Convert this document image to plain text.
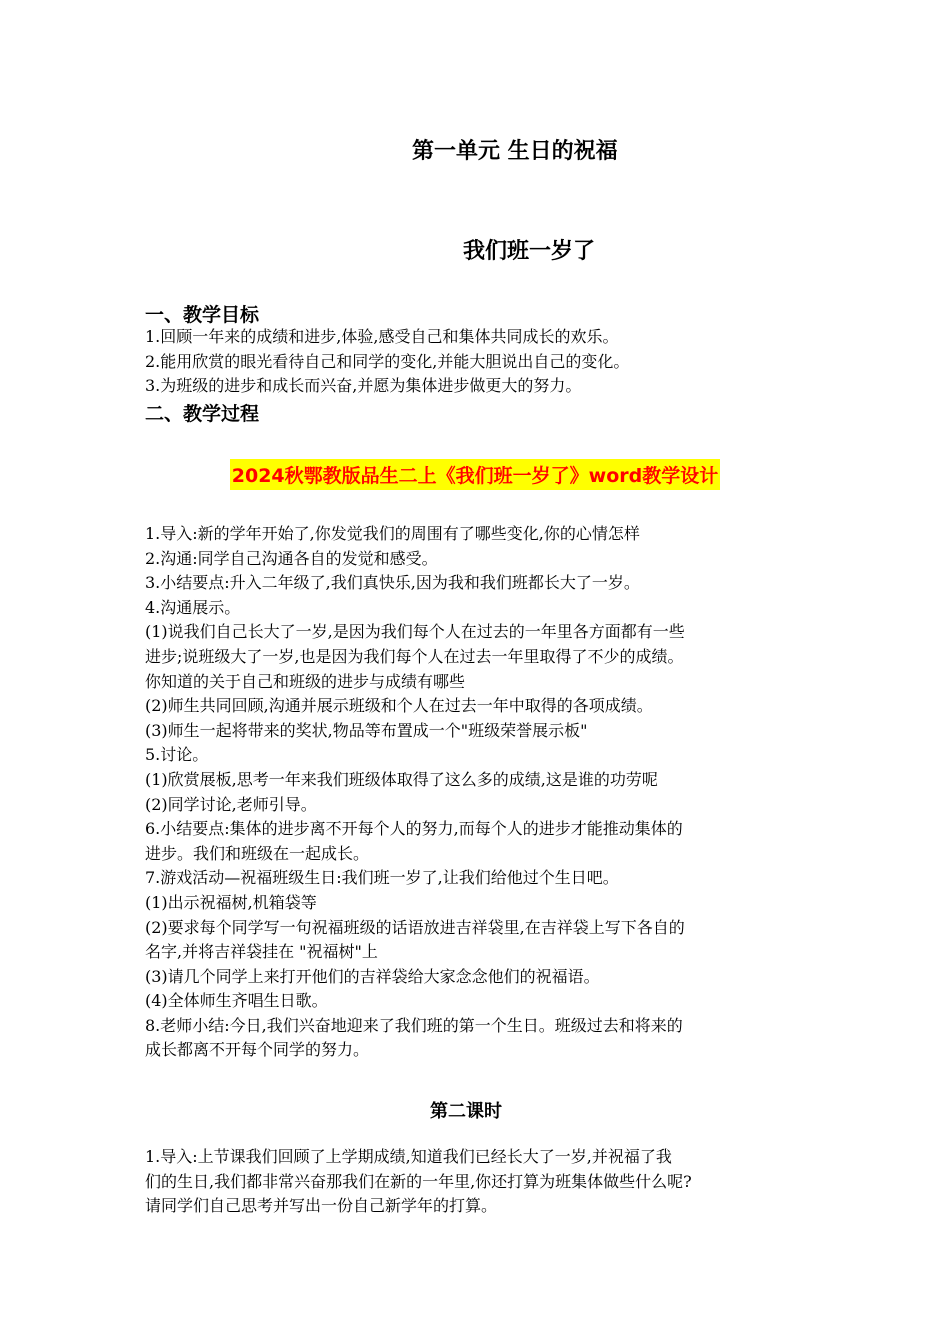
第一单元 生日的祝福
我们班一岁了
一、教学目标
1.回顾一年来的成绩和进步,体验,感受自己和集体共同成长的欢乐。
2.能用欣赏的眼光看待自己和同学的变化,并能大胆说出自己的变化。
3.为班级的进步和成长而兴奋,并愿为集体进步做更大的努力。
二、教学过程
2024秋鄂教版品生二上《我们班一岁了》word教学设计
1.导入:新的学年开始了,你发觉我们的周围有了哪些变化,你的心情怎样
2.沟通:同学自己沟通各自的发觉和感受。
3.小结要点:升入二年级了,我们真快乐,因为我和我们班都长大了一岁。
4.沟通展示。
(1)说我们自己长大了一岁,是因为我们每个人在过去的一年里各方面都有一些
进步;说班级大了一岁,也是因为我们每个人在过去一年里取得了不少的成绩。
你知道的关于自己和班级的进步与成绩有哪些
(2)师生共同回顾,沟通并展示班级和个人在过去一年中取得的各项成绩。
(3)师生一起将带来的奖状,物品等布置成一个"班级荣誉展示板"
5.讨论。
(1)欣赏展板,思考一年来我们班级体取得了这么多的成绩,这是谁的功劳呢
(2)同学讨论,老师引导。
6.小结要点:集体的进步离不开每个人的努力,而每个人的进步才能推动集体的
进步。我们和班级在一起成长。
7.游戏活动—祝福班级生日:我们班一岁了,让我们给他过个生日吧。
(1)出示祝福树,机箱袋等
(2)要求每个同学写一句祝福班级的话语放进吉祥袋里,在吉祥袋上写下各自的
名字,并将吉祥袋挂在 "祝福树"上
(3)请几个同学上来打开他们的吉祥袋给大家念念他们的祝福语。
(4)全体师生齐唱生日歌。
8.老师小结:今日,我们兴奋地迎来了我们班的第一个生日。班级过去和将来的
成长都离不开每个同学的努力。
第二课时
1.导入:上节课我们回顾了上学期成绩,知道我们已经长大了一岁,并祝福了我
们的生日,我们都非常兴奋那我们在新的一年里,你还打算为班集体做些什么呢?
请同学们自己思考并写出一份自己新学年的打算。
